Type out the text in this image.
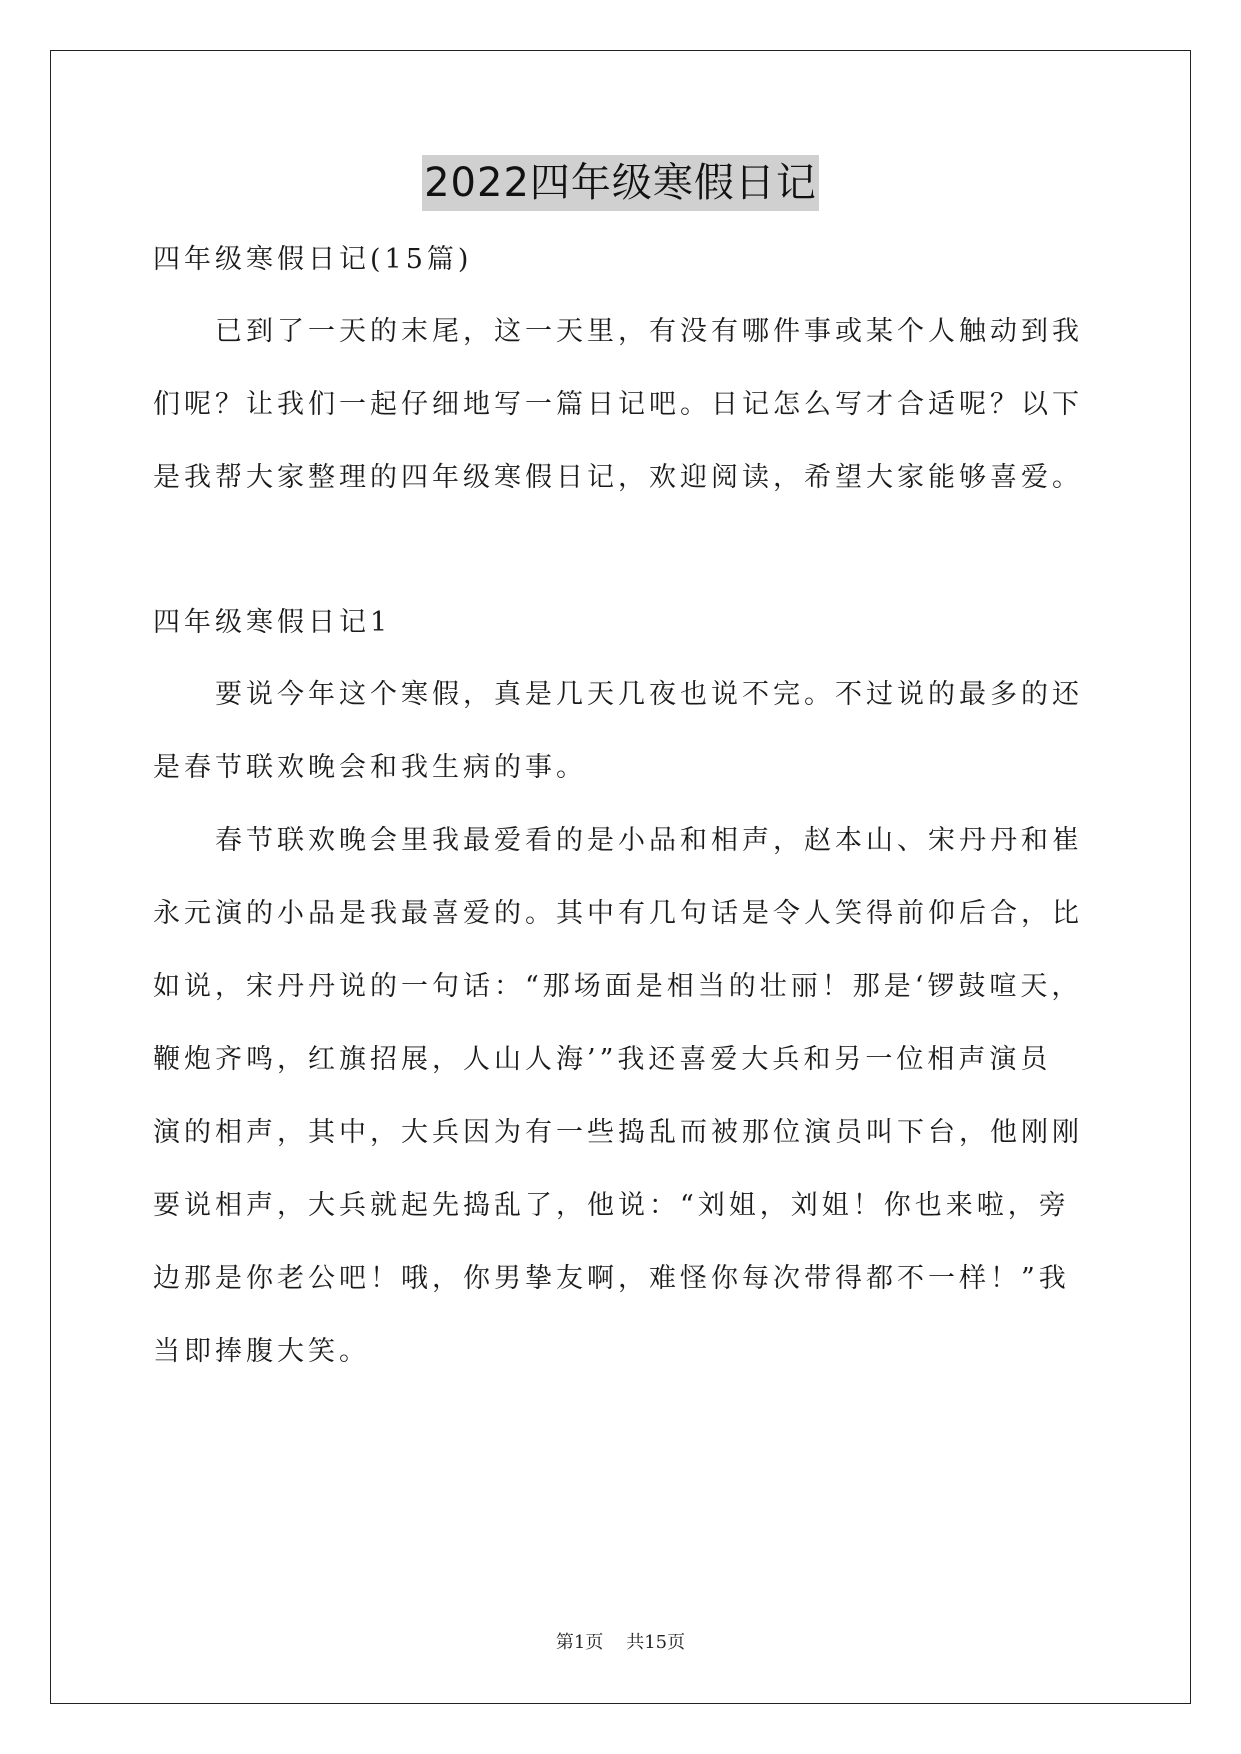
2022四年级寒假日记
四年级寒假日记(15篇)
已到了一天的末尾，这一天里，有没有哪件事或某个人触动到我
们呢？让我们一起仔细地写一篇日记吧。日记怎么写才合适呢？以下
是我帮大家整理的四年级寒假日记，欢迎阅读，希望大家能够喜爱。
四年级寒假日记1
要说今年这个寒假，真是几天几夜也说不完。不过说的最多的还
是春节联欢晚会和我生病的事。
春节联欢晚会里我最爱看的是小品和相声，赵本山、宋丹丹和崔
永元演的小品是我最喜爱的。其中有几句话是令人笑得前仰后合，比
如说，宋丹丹说的一句话：“那场面是相当的壮丽！那是‘锣鼓喧天，
鞭炮齐鸣，红旗招展，人山人海’”我还喜爱大兵和另一位相声演员
演的相声，其中，大兵因为有一些捣乱而被那位演员叫下台，他刚刚
要说相声，大兵就起先捣乱了，他说：“刘姐，刘姐！你也来啦，旁
边那是你老公吧！哦，你男挚友啊，难怪你每次带得都不一样！”我
当即捧腹大笑。
第1页 共15页
